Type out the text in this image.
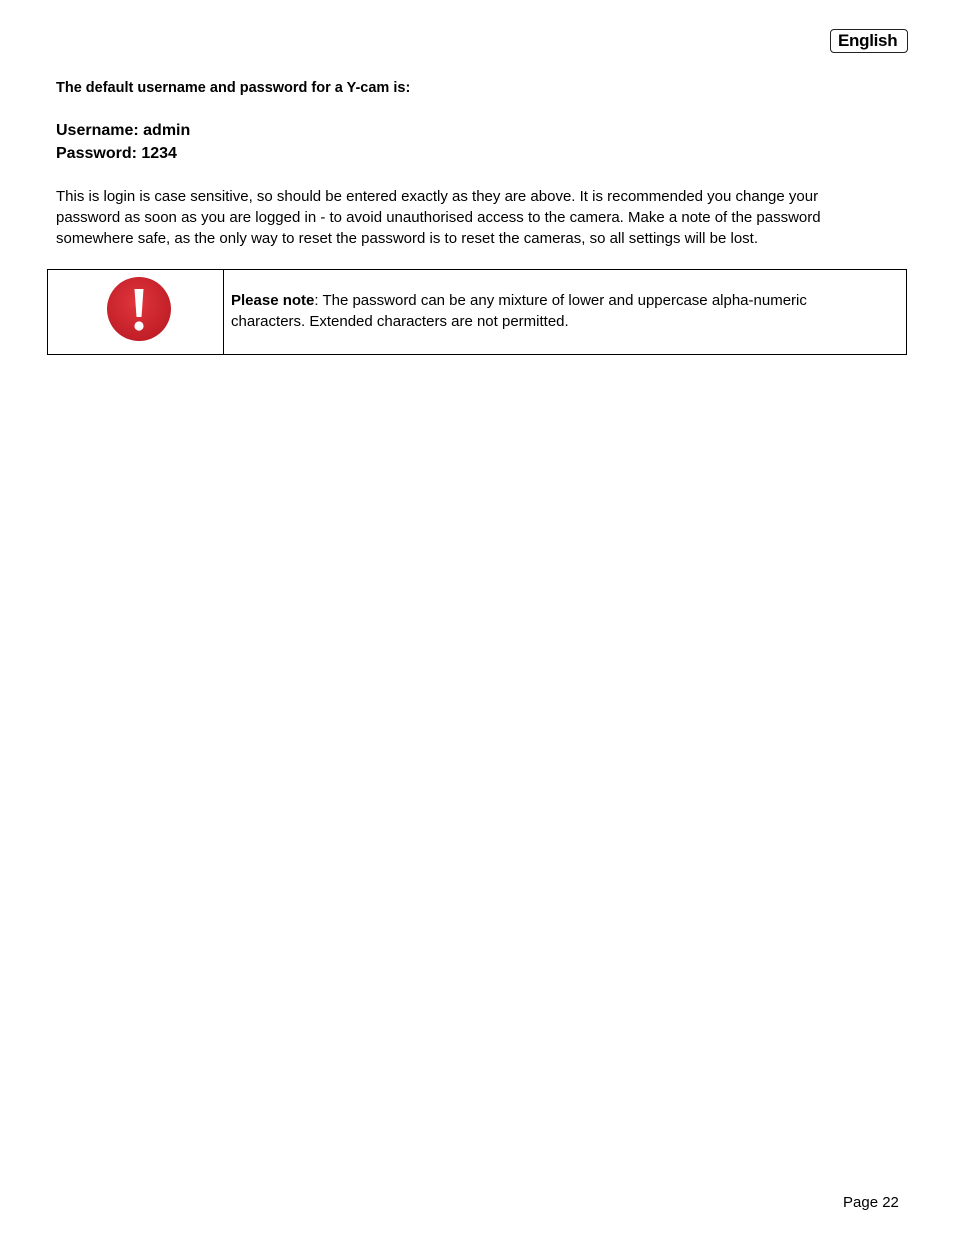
English
The default username and password for a Y-cam is:
Username: admin
Password: 1234
This is login is case sensitive, so should be entered exactly as they are above. It is recommended you change your
password as soon as you are logged in - to avoid unauthorised access to the camera. Make a note of the password
somewhere safe, as the only way to reset the password is to reset the cameras, so all settings will be lost.
Please note: The password can be any mixture of lower and uppercase alpha-numeric
characters. Extended characters are not permitted.
Page 22
